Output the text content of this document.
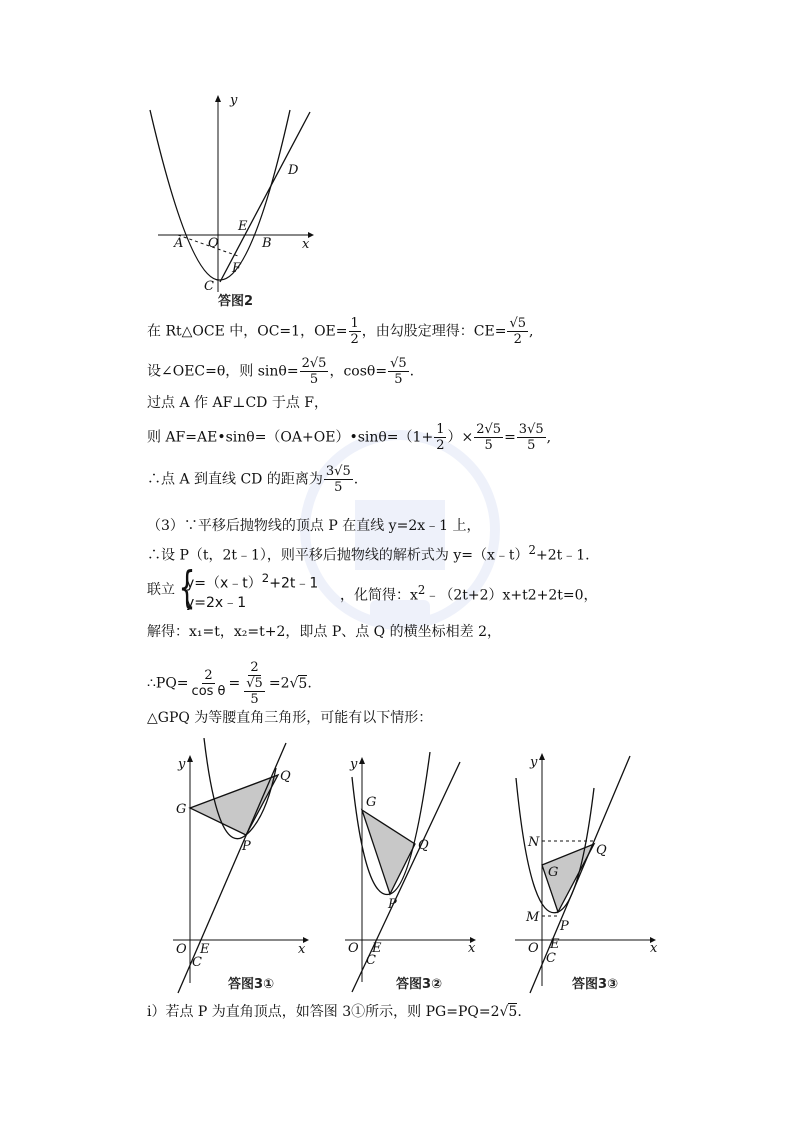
y
x
O
A	B
C
D
E
F
答图2
在 Rt△OCE 中，OC=1，$OE= \frac{1}{2}$ ，由勾股定理得：$CE= \frac{√5}{2}$ ,
设∠OEC=θ，则 $\sin\theta= \frac{2√5}{5}$ ，$\cos\theta= \frac{√5}{5}$ .
过点 A 作 AF⊥CD 于点 F，
则 AF=AE•sinθ=（OA+OE）•sinθ=（1+ $\frac{1}{2}$ ）× $\frac{2√5}{5} = \frac{3√5}{5}$ ,
∴点 A 到直线 CD 的距离为 $\frac{3√5}{5}$ .
（3）∵平移后抛物线的顶点 P 在直线 y=2x﹣1 上，
∴设 P（t，2t﹣1），则平移后抛物线的解析式为 y=（x﹣t）$^2$+2t﹣1.
联立 {
y=（x﹣t）$^2$+2t﹣1
y=2x﹣1	，化简得：$x^2﹣(2t+2)x+t2+2t=0$，
解得：x₁=t，x₂=t+2，即点 P、点 Q 的横坐标相差 2，
∴PQ= $\frac{2}{\text{cos θ}} = \frac{2}{\frac{√5}{5}} =2√5$.
△GPQ 为等腰直角三角形，可能有以下情形：
y
x
O E
C
G
P
Q
答图3①
y
x
O E
C
G
P
Q
答图3②
y
x
O E
C
G
P
Q
N
M
答图3③
i）若点 P 为直角顶点，如答图 3①所示，则 PG=PQ=2√5.
